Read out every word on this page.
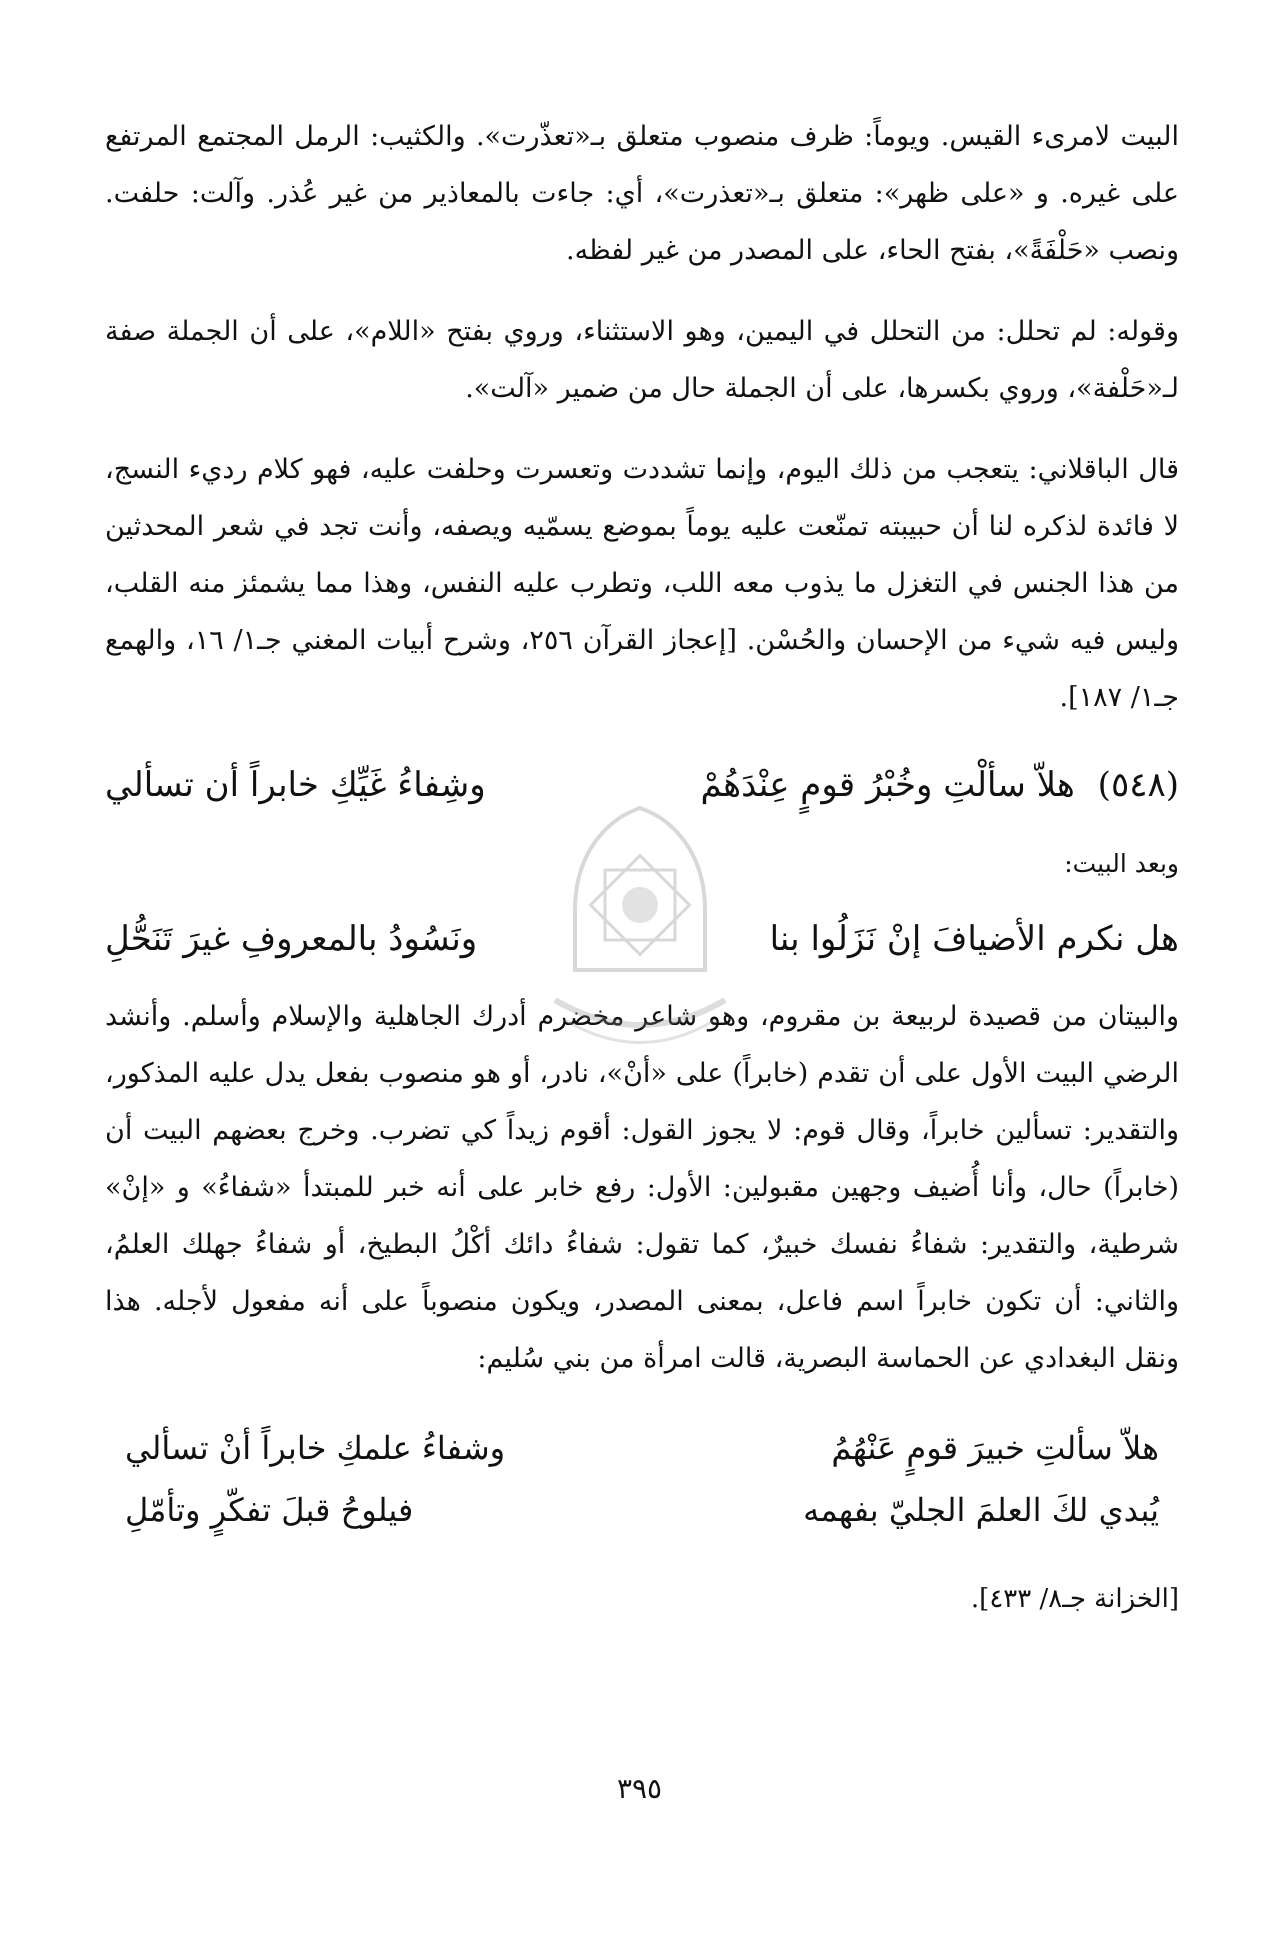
البيت لامرىء القيس. ويوماً: ظرف منصوب متعلق بـ«تعذّرت». والكثيب: الرمل المجتمع المرتفع على غيره. و «على ظهر»: متعلق بـ«تعذرت»، أي: جاءت بالمعاذير من غير عُذر. وآلت: حلفت. ونصب «حَلْفَةً»، بفتح الحاء، على المصدر من غير لفظه.

وقوله: لم تحلل: من التحلل في اليمين، وهو الاستثناء، وروي بفتح «اللام»، على أن الجملة صفة لـ«حَلْفة»، وروي بكسرها، على أن الجملة حال من ضمير «آلت».

قال الباقلاني: يتعجب من ذلك اليوم، وإنما تشددت وتعسرت وحلفت عليه، فهو كلام رديء النسج، لا فائدة لذكره لنا أن حبيبته تمنّعت عليه يوماً بموضع يسمّيه ويصفه، وأنت تجد في شعر المحدثين من هذا الجنس في التغزل ما يذوب معه اللب، وتطرب عليه النفس، وهذا مما يشمئز منه القلب، وليس فيه شيء من الإحسان والحُسْن. [إعجاز القرآن ٢٥٦، وشرح أبيات المغني جـ١/ ١٦، والهمع جـ١/ ١٨٧].

(٥٤٨) هلاّ سألْتِ وخُبْرُ قومٍ عِنْدَهُمْ
وشِفاءُ غَيِّكِ خابراً أن تسألي
وبعد البيت:
هل نكرم الأضيافَ إنْ نَزَلُوا بنا
ونَسُودُ بالمعروفِ غيرَ تَنَحُّلِ

والبيتان من قصيدة لربيعة بن مقروم، وهو شاعر مخضرم أدرك الجاهلية والإسلام وأسلم. وأنشد الرضي البيت الأول على أن تقدم (خابراً) على «أنْ»، نادر، أو هو منصوب بفعل يدل عليه المذكور، والتقدير: تسألين خابراً، وقال قوم: لا يجوز القول: أقوم زيداً كي تضرب. وخرج بعضهم البيت أن (خابراً) حال، وأنا أُضيف وجهين مقبولين: الأول: رفع خابر على أنه خبر للمبتدأ «شفاءُ» و «إنْ» شرطية، والتقدير: شفاءُ نفسك خبيرٌ، كما تقول: شفاءُ دائك أكْلُ البطيخ، أو شفاءُ جهلك العلمُ، والثاني: أن تكون خابراً اسم فاعل، بمعنى المصدر، ويكون منصوباً على أنه مفعول لأجله. هذا ونقل البغدادي عن الحماسة البصرية، قالت امرأة من بني سُليم:

هلاّ سألتِ خبيرَ قومٍ عَنْهُمُ
وشفاءُ علمكِ خابراً أنْ تسألي
يُبدي لكَ العلمَ الجليّ بفهمه
فيلوحُ قبلَ تفكّرٍ وتأمّلِ
[الخزانة جـ٨/ ٤٣٣].
٣٩٥
